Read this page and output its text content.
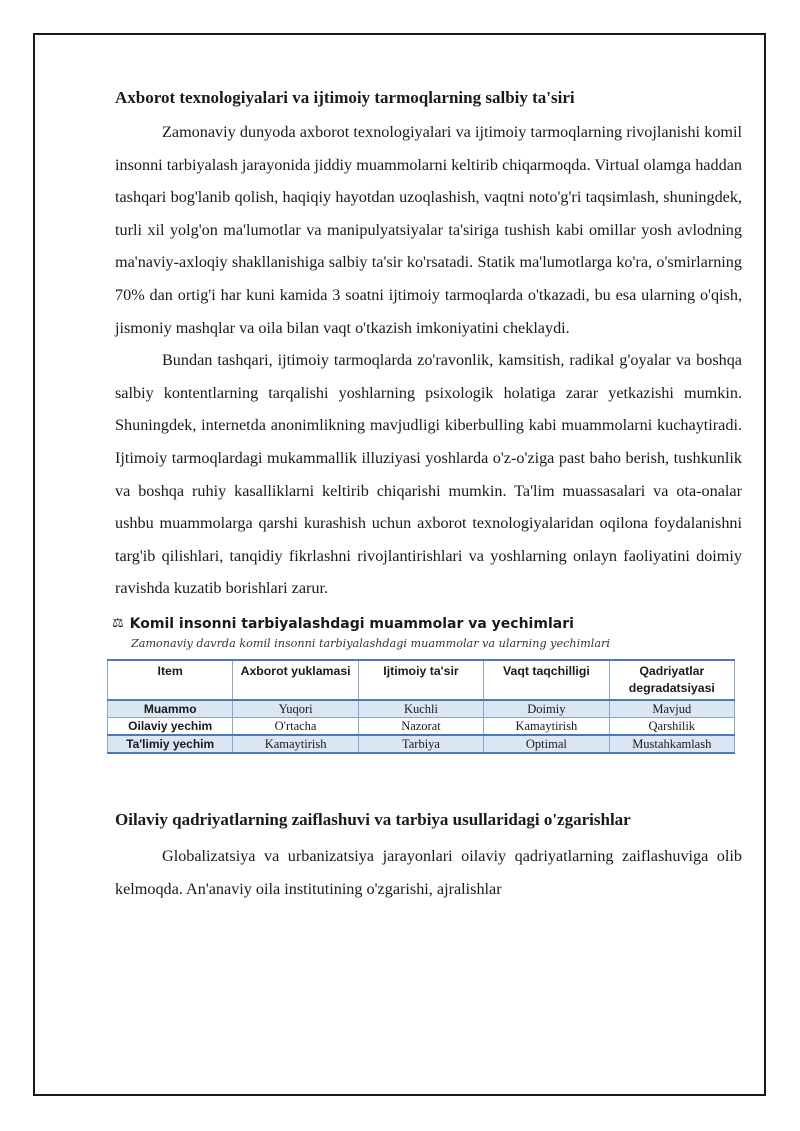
Axborot texnologiyalari va ijtimoiy tarmoqlarning salbiy ta'siri

Zamonaviy dunyoda axborot texnologiyalari va ijtimoiy tarmoqlarning rivojlanishi komil insonni tarbiyalash jarayonida jiddiy muammolarni keltirib chiqarmoqda. Virtual olamga haddan tashqari bog'lanib qolish, haqiqiy hayotdan uzoqlashish, vaqtni noto'g'ri taqsimlash, shuningdek, turli xil yolg'on ma'lumotlar va manipulyatsiyalar ta'siriga tushish kabi omillar yosh avlodning ma'naviy-axloqiy shakllanishiga salbiy ta'sir ko'rsatadi. Statik ma'lumotlarga ko'ra, o'smirlarning 70% dan ortig'i har kuni kamida 3 soatni ijtimoiy tarmoqlarda o'tkazadi, bu esa ularning o'qish, jismoniy mashqlar va oila bilan vaqt o'tkazish imkoniyatini cheklaydi.

Bundan tashqari, ijtimoiy tarmoqlarda zo'ravonlik, kamsitish, radikal g'oyalar va boshqa salbiy kontentlarning tarqalishi yoshlarning psixologik holatiga zarar yetkazishi mumkin. Shuningdek, internetda anonimlikning mavjudligi kiberbulling kabi muammolarni kuchaytiradi. Ijtimoiy tarmoqlardagi mukammallik illuziyasi yoshlarda o'z-o'ziga past baho berish, tushkunlik va boshqa ruhiy kasalliklarni keltirib chiqarishi mumkin. Ta'lim muassasalari va ota-onalar ushbu muammolarga qarshi kurashish uchun axborot texnologiyalaridan oqilona foydalanishni targ'ib qilishlari, tanqidiy fikrlashni rivojlantirishlari va yoshlarning onlayn faoliyatini doimiy ravishda kuzatib borishlari zarur.

⚖ Komil insonni tarbiyalashdagi muammolar va yechimlari
Zamonaviy davrda komil insonni tarbiyalashdagi muammolar va ularning yechimlari
Item	Axborot yuklamasi	Ijtimoiy ta'sir	Vaqt taqchilligi	Qadriyatlar degradatsiyasi
Muammo	Yuqori	Kuchli	Doimiy	Mavjud
Oilaviy yechim	O'rtacha	Nazorat	Kamaytirish	Qarshilik
Ta'limiy yechim	Kamaytirish	Tarbiya	Optimal	Mustahkamlash
Oilaviy qadriyatlarning zaiflashuvi va tarbiya usullaridagi o'zgarishlar

Globalizatsiya va urbanizatsiya jarayonlari oilaviy qadriyatlarning zaiflashuviga olib kelmoqda. An'anaviy oila institutining o'zgarishi, ajralishlar
